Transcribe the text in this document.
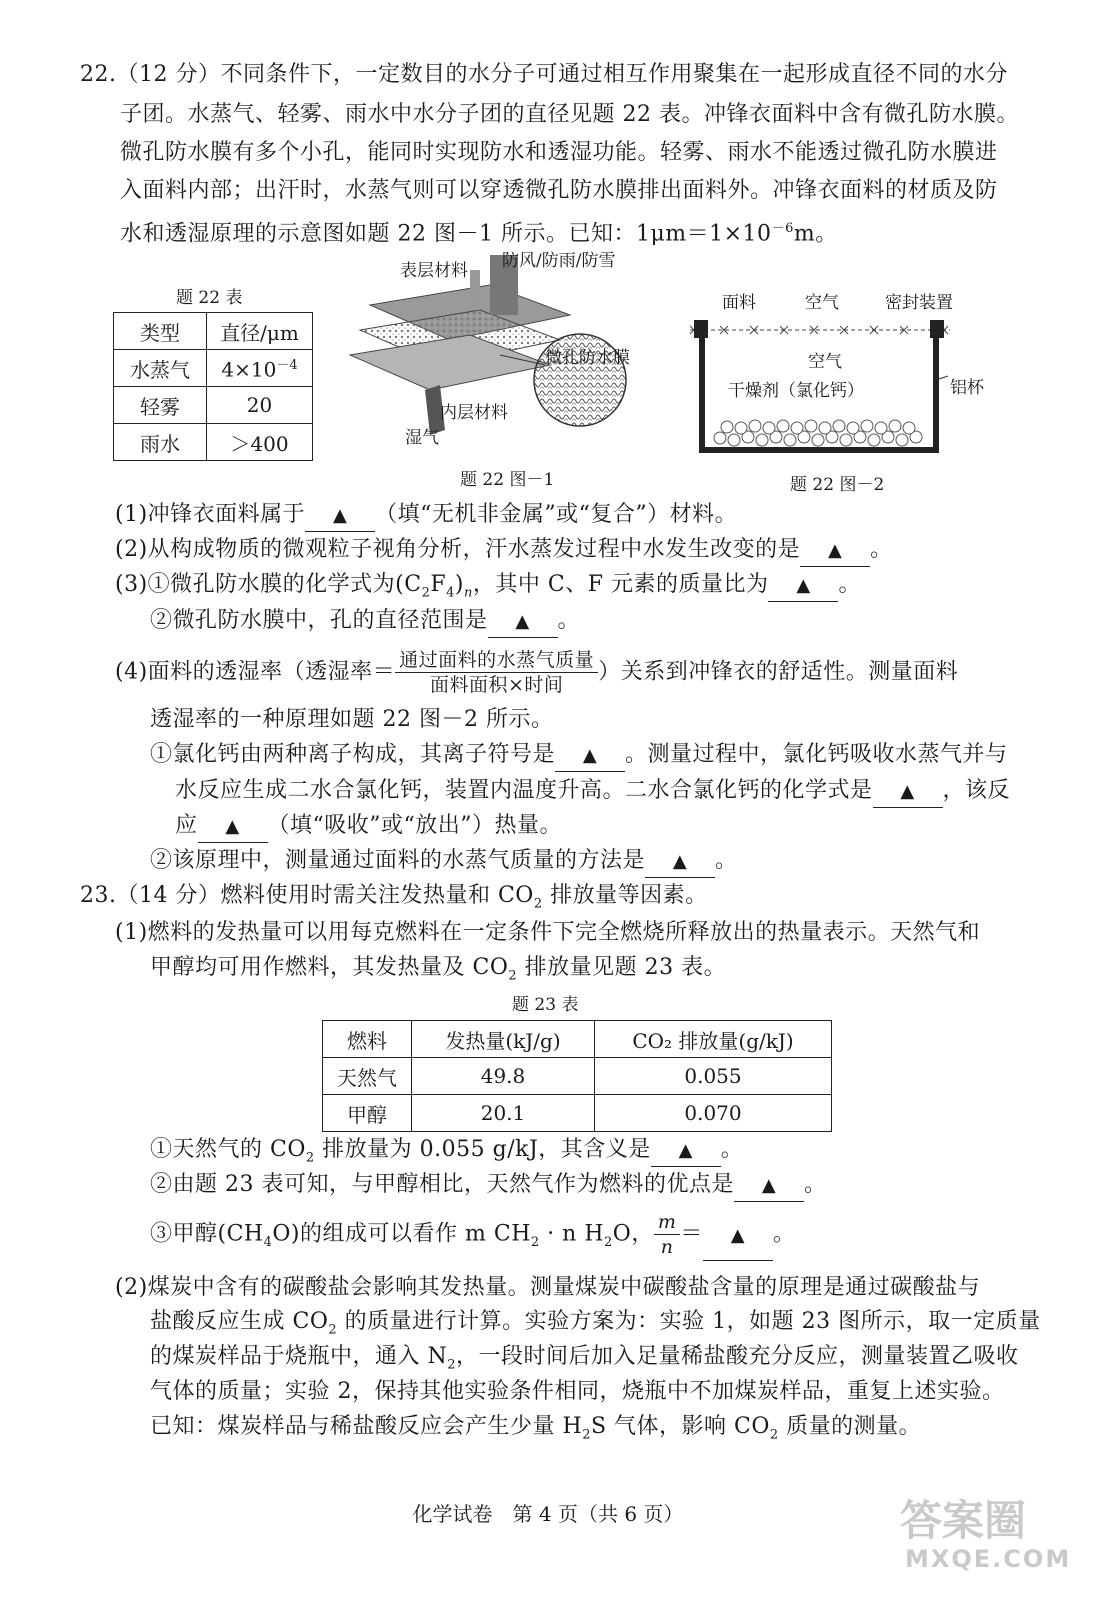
22.（12 分）不同条件下，一定数目的水分子可通过相互作用聚集在一起形成直径不同的水分
子团。水蒸气、轻雾、雨水中水分子团的直径见题 22 表。冲锋衣面料中含有微孔防水膜。
微孔防水膜有多个小孔，能同时实现防水和透湿功能。轻雾、雨水不能透过微孔防水膜进
入面料内部；出汗时，水蒸气则可以穿透微孔防水膜排出面料外。冲锋衣面料的材质及防
水和透湿原理的示意图如题 22 图－1 所示。已知：$1\mu m=1\times 10^{-6}m$。
题 22 表
类型	直径/μm
水蒸气	$4\times 10^{-4}$
轻雾	20
雨水	＞400
表层材料 防风/防雨/防雪
微孔防水膜
内层材料
湿气
题 22 图－1
面料	空气	密封装置
空气
干燥剂（氯化钙）	铝杯
题 22 图－2
(1)冲锋衣面料属于 ▲ （填“无机非金属”或“复合”）材料。
(2)从构成物质的微观粒子视角分析，汗水蒸发过程中水发生改变的是 ▲ 。
(3)①微孔防水膜的化学式为$(C_2F_4)_n$，其中 C、F 元素的质量比为 ▲ 。
②微孔防水膜中，孔的直径范围是 ▲ 。
(4)面料的透湿率（透湿率＝ $\frac{\text{通过面料的水蒸气质量}}{\text{面料面积×时间}}$ ）关系到冲锋衣的舒适性。测量面料
透湿率的一种原理如题 22 图－2 所示。
①氯化钙由两种离子构成，其离子符号是 ▲ 。测量过程中，氯化钙吸收水蒸气并与
水反应生成二水合氯化钙，装置内温度升高。二水合氯化钙的化学式是 ▲ ，该反
应 ▲ （填“吸收”或“放出”）热量。
②该原理中，测量通过面料的水蒸气质量的方法是 ▲ 。
23.（14 分）燃料使用时需关注发热量和 $CO_2$ 排放量等因素。
(1)燃料的发热量可以用每克燃料在一定条件下完全燃烧所释放出的热量表示。天然气和
甲醇均可用作燃料，其发热量及 $CO_2$ 排放量见题 23 表。
题 23 表
燃料	发热量(kJ/g)	CO₂ 排放量(g/kJ)
天然气	49.8	0.055
甲醇	20.1	0.070
①天然气的 $CO_2$ 排放量为 0.055 g/kJ，其含义是 ▲ 。
②由题 23 表可知，与甲醇相比，天然气作为燃料的优点是 ▲ 。
③甲醇$(CH_4O)$的组成可以看作 m $CH_2 \cdot n$ $H_2O$， $\frac{m}{n}$ ＝ ▲ 。
(2)煤炭中含有的碳酸盐会影响其发热量。测量煤炭中碳酸盐含量的原理是通过碳酸盐与
盐酸反应生成 $CO_2$ 的质量进行计算。实验方案为：实验 1，如题 23 图所示，取一定质量
的煤炭样品于烧瓶中，通入 $N_2$，一段时间后加入足量稀盐酸充分反应，测量装置乙吸收
气体的质量；实验 2，保持其他实验条件相同，烧瓶中不加煤炭样品，重复上述实验。
已知：煤炭样品与稀盐酸反应会产生少量 $H_2S$ 气体，影响 $CO_2$ 质量的测量。
化学试卷　第 4 页（共 6 页）	答案圈
MXQE.COM
